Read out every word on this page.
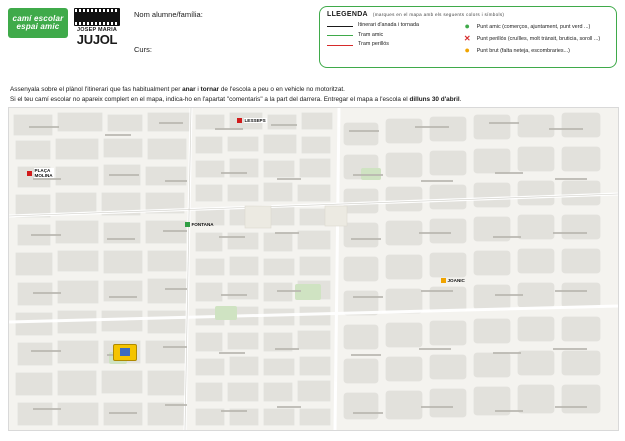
camí escolar
espai amic	JOSEP MARIA
JUJOL
Nom alumne/família:
Curs:
LLEGENDA (marques en el mapa amb els seguents colors i símbols)
Itinerari d'anada i tornada
Tram amic
Tram perillós
●	Punt amic (comerços, ajuntament, punt verd ...)
✕ Punt perillós (cruïlles, molt trànsit, bruticia, soroll ...)
●	Punt brut (falta neteja, escombraries...)
Assenyala sobre el plànol l'itinerari que fas habitualment per anar i tornar de l'escola a peu o en vehicle no motoritzat.
Si el teu camí escolar no apareix complert en el mapa, indica-ho en l'apartat "comentaris" a la part del darrera. Entregar el mapa a l'escola el dilluns 30 d'abril.
LESSEPS
PLAÇA
MOLINA
FONTANA
JOANIC
